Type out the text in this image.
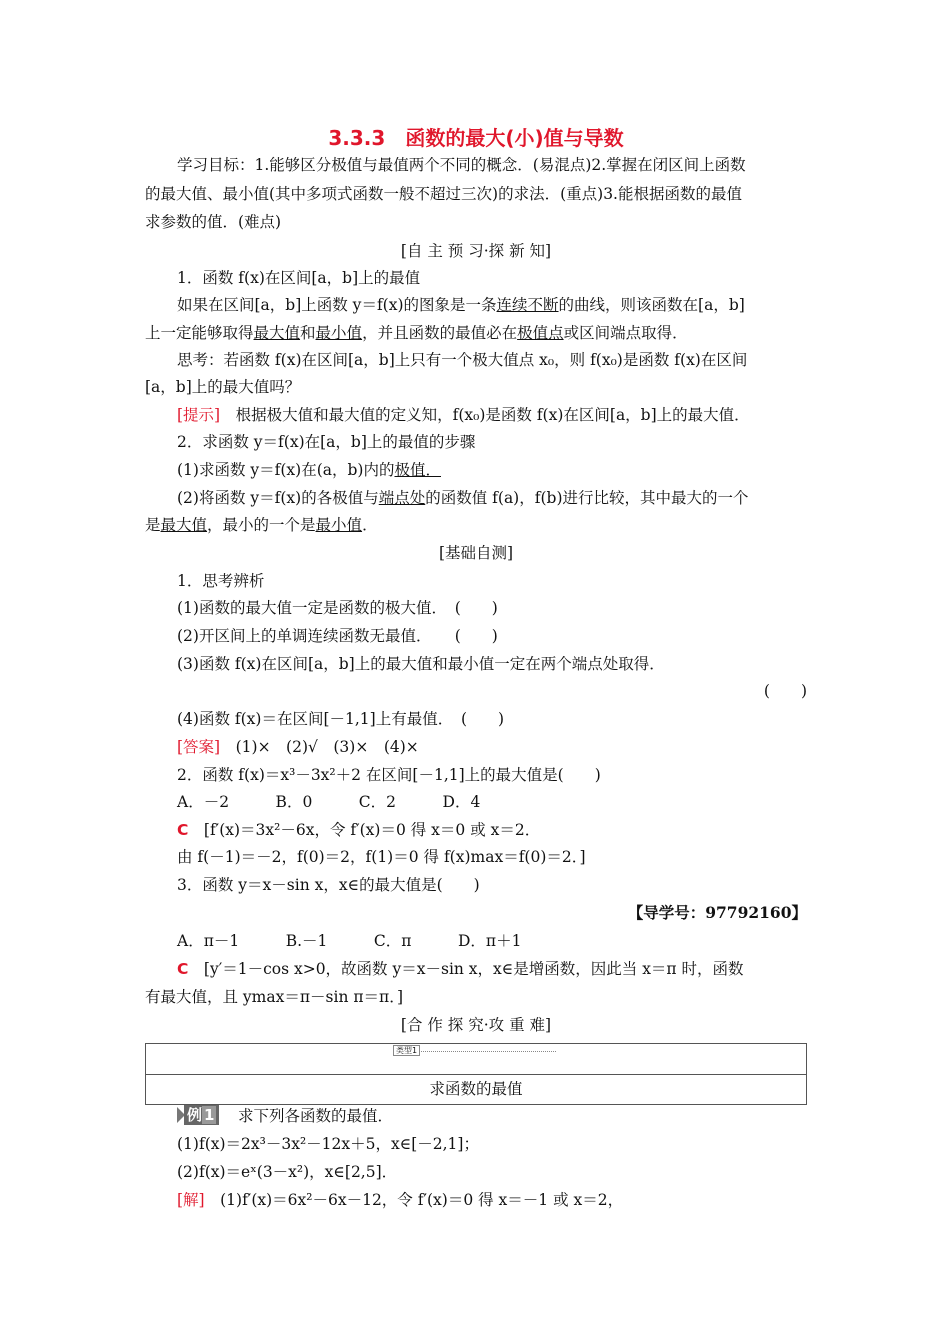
3.3.3　函数的最大(小)值与导数
学习目标：1.能够区分极值与最值两个不同的概念．(易混点)2.掌握在闭区间上函数
的最大值、最小值(其中多项式函数一般不超过三次)的求法．(重点)3.能根据函数的最值
求参数的值．(难点)
[自 主 预 习·探 新 知]
1．函数 f(x)在区间[a，b]上的最值
如果在区间[a，b]上函数 y＝f(x)的图象是一条连续不断的曲线，则该函数在[a，b]
上一定能够取得最大值和最小值，并且函数的最值必在极值点或区间端点取得．
思考：若函数 f(x)在区间[a，b]上只有一个极大值点 x₀，则 f(x₀)是函数 f(x)在区间
[a，b]上的最大值吗？
[提示]　根据极大值和最大值的定义知，f(x₀)是函数 f(x)在区间[a，b]上的最大值．
2．求函数 y＝f(x)在[a，b]上的最值的步骤
(1)求函数 y＝f(x)在(a，b)内的极值．
(2)将函数 y＝f(x)的各极值与端点处的函数值 f(a)，f(b)进行比较，其中最大的一个
是最大值，最小的一个是最小值．
[基础自测]
1．思考辨析
(1)函数的最大值一定是函数的极大值．　(　　)
(2)开区间上的单调连续函数无最值．　　(　　)
(3)函数 f(x)在区间[a，b]上的最大值和最小值一定在两个端点处取得．
(　　)
(4)函数 f(x)＝在区间[－1,1]上有最值．　(　　)
[答案]　(1)×　(2)√　(3)×　(4)×
2．函数 f(x)＝x³－3x²＋2 在区间[－1,1]上的最大值是(　　)
A．－2　　　B．0　　　C．2　　　D．4
C　[f′(x)＝3x²－6x，令 f′(x)＝0 得 x＝0 或 x＝2．
由 f(－1)＝－2，f(0)＝2，f(1)＝0 得 f(x)max＝f(0)＝2．]
3．函数 y＝x－sin x，x∈的最大值是(　　)
【导学号：97792160】
A．π－1　　　B.－1　　　C．π　　　D．π＋1
C　[y′＝1－cos x>0，故函数 y＝x－sin x，x∈是增函数，因此当 x＝π 时，函数
有最大值，且 ymax＝π－sin π＝π．]
[合 作 探 究·攻 重 难]
类型1
求函数的最值
例 1	求下列各函数的最值．
(1)f(x)＝2x³－3x²－12x＋5，x∈[－2,1]；
(2)f(x)＝eˣ(3－x²)，x∈[2,5]．
[解]　(1)f′(x)＝6x²－6x－12，令 f′(x)＝0 得 x＝－1 或 x＝2，
